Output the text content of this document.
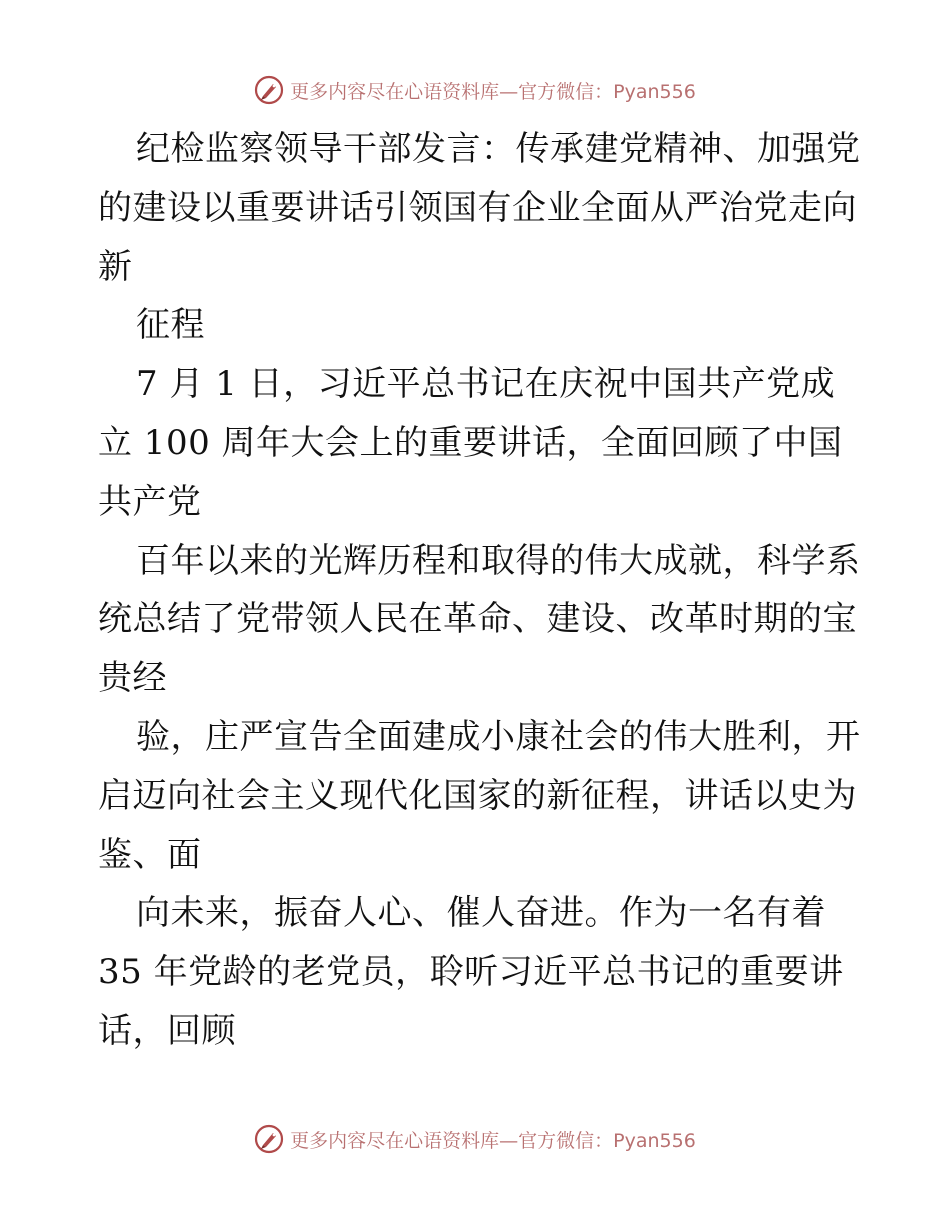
更多内容尽在心语资料库—官方微信：Pyan556
纪检监察领导干部发言：传承建党精神、加强党
的建设以重要讲话引领国有企业全面从严治党走向
新
征程
7 月 1 日，习近平总书记在庆祝中国共产党成
立 100 周年大会上的重要讲话，全面回顾了中国
共产党
百年以来的光辉历程和取得的伟大成就，科学系
统总结了党带领人民在革命、建设、改革时期的宝
贵经
验，庄严宣告全面建成小康社会的伟大胜利，开
启迈向社会主义现代化国家的新征程，讲话以史为
鉴、面
向未来，振奋人心、催人奋进。作为一名有着
35 年党龄的老党员，聆听习近平总书记的重要讲
话，回顾
更多内容尽在心语资料库—官方微信：Pyan556
